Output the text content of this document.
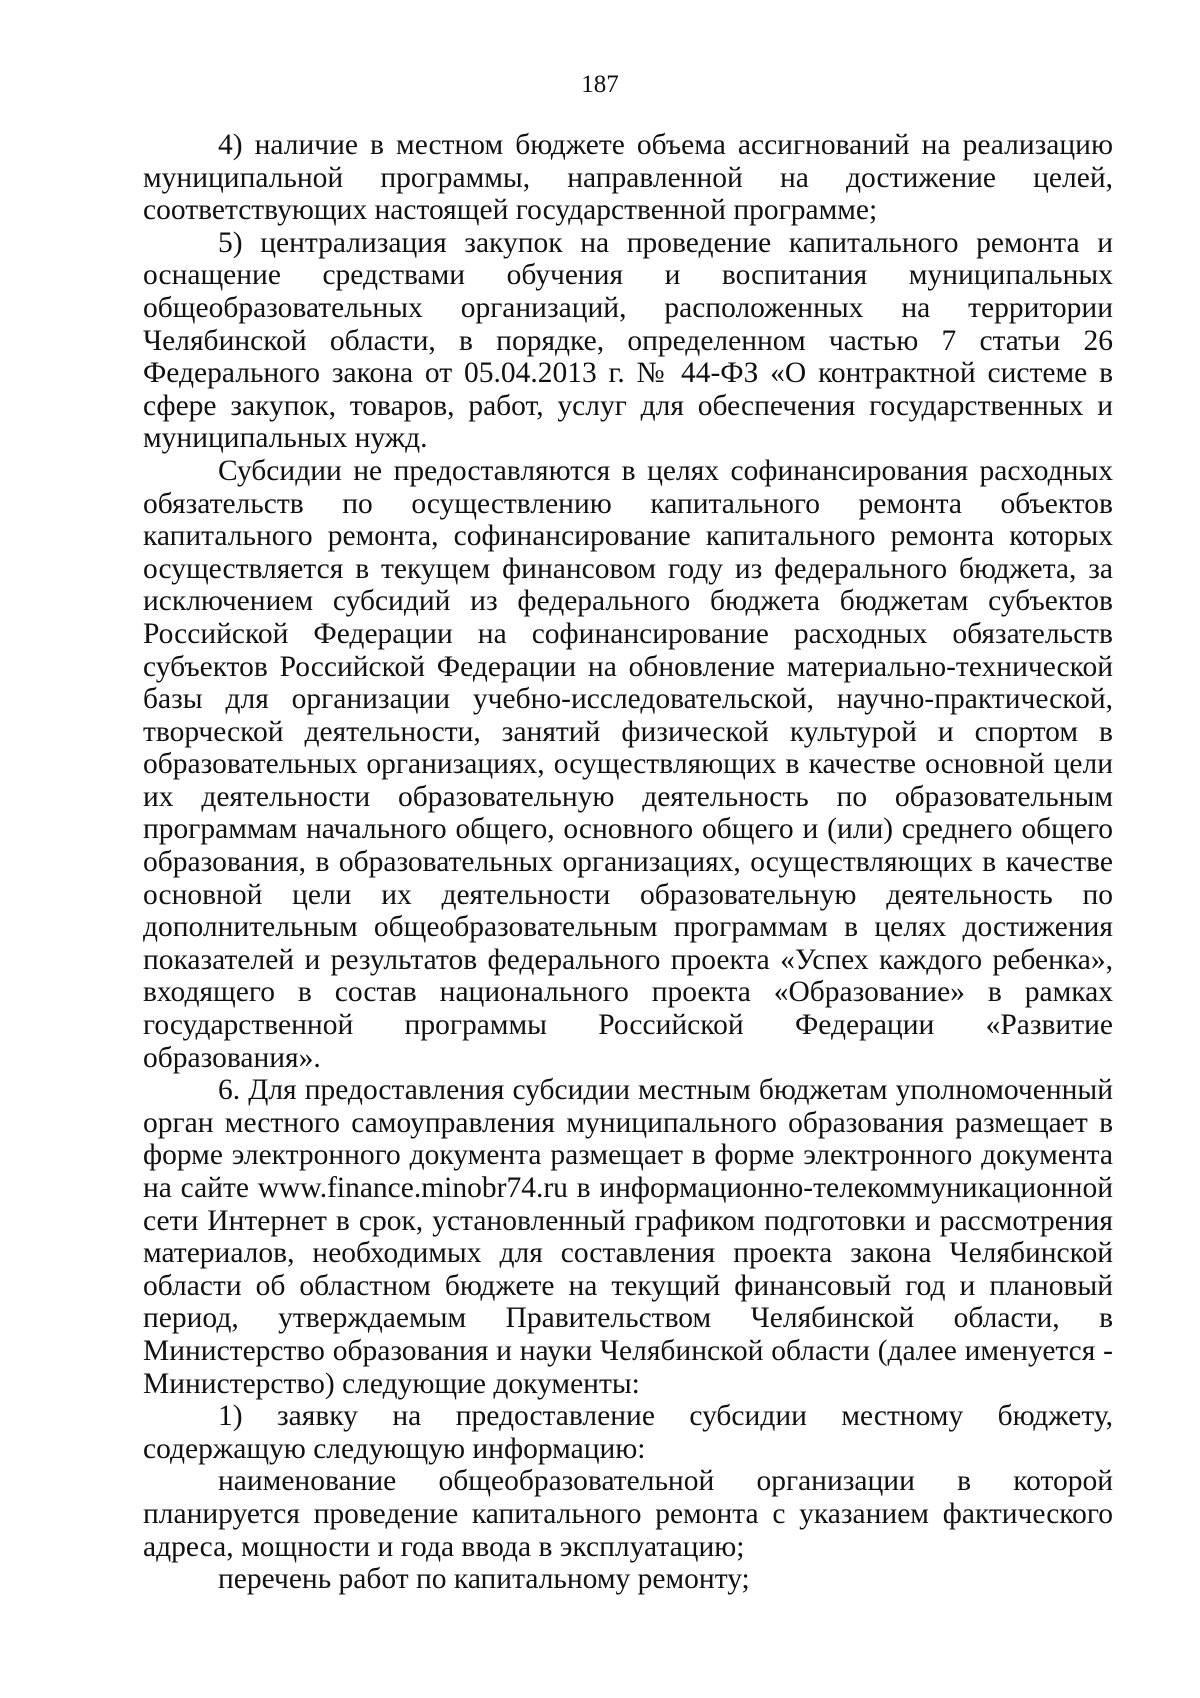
187

4) наличие в местном бюджете объема ассигнований на реализацию муниципальной программы, направленной на достижение целей, соответствующих настоящей государственной программе;

5) централизация закупок на проведение капитального ремонта и оснащение средствами обучения и воспитания муниципальных общеобразовательных организаций, расположенных на территории Челябинской области, в порядке, определенном частью 7 статьи 26 Федерального закона от 05.04.2013 г. № 44-ФЗ «О контрактной системе в сфере закупок, товаров, работ, услуг для обеспечения государственных и муниципальных нужд.

Субсидии не предоставляются в целях софинансирования расходных обязательств по осуществлению капитального ремонта объектов капитального ремонта, софинансирование капитального ремонта которых осуществляется в текущем финансовом году из федерального бюджета, за исключением субсидий из федерального бюджета бюджетам субъектов Российской Федерации на софинансирование расходных обязательств субъектов Российской Федерации на обновление материально-технической базы для организации учебно-исследовательской, научно-практической, творческой деятельности, занятий физической культурой и спортом в образовательных организациях, осуществляющих в качестве основной цели их деятельности образовательную деятельность по образовательным программам начального общего, основного общего и (или) среднего общего образования, в образовательных организациях, осуществляющих в качестве основной цели их деятельности образовательную деятельность по дополнительным общеобразовательным программам в целях достижения показателей и результатов федерального проекта «Успех каждого ребенка», входящего в состав национального проекта «Образование» в рамках государственной программы Российской Федерации «Развитие образования».

6. Для предоставления субсидии местным бюджетам уполномоченный орган местного самоуправления муниципального образования размещает в форме электронного документа размещает в форме электронного документа на сайте www.finance.minobr74.ru в информационно-телекоммуникационной сети Интернет в срок, установленный графиком подготовки и рассмотрения материалов, необходимых для составления проекта закона Челябинской области об областном бюджете на текущий финансовый год и плановый период, утверждаемым Правительством Челябинской области, в Министерство образования и науки Челябинской области (далее именуется - Министерство) следующие документы:

1) заявку на предоставление субсидии местному бюджету, содержащую следующую информацию:

наименование общеобразовательной организации в которой планируется проведение капитального ремонта с указанием фактического адреса, мощности и года ввода в эксплуатацию;

перечень работ по капитальному ремонту;
